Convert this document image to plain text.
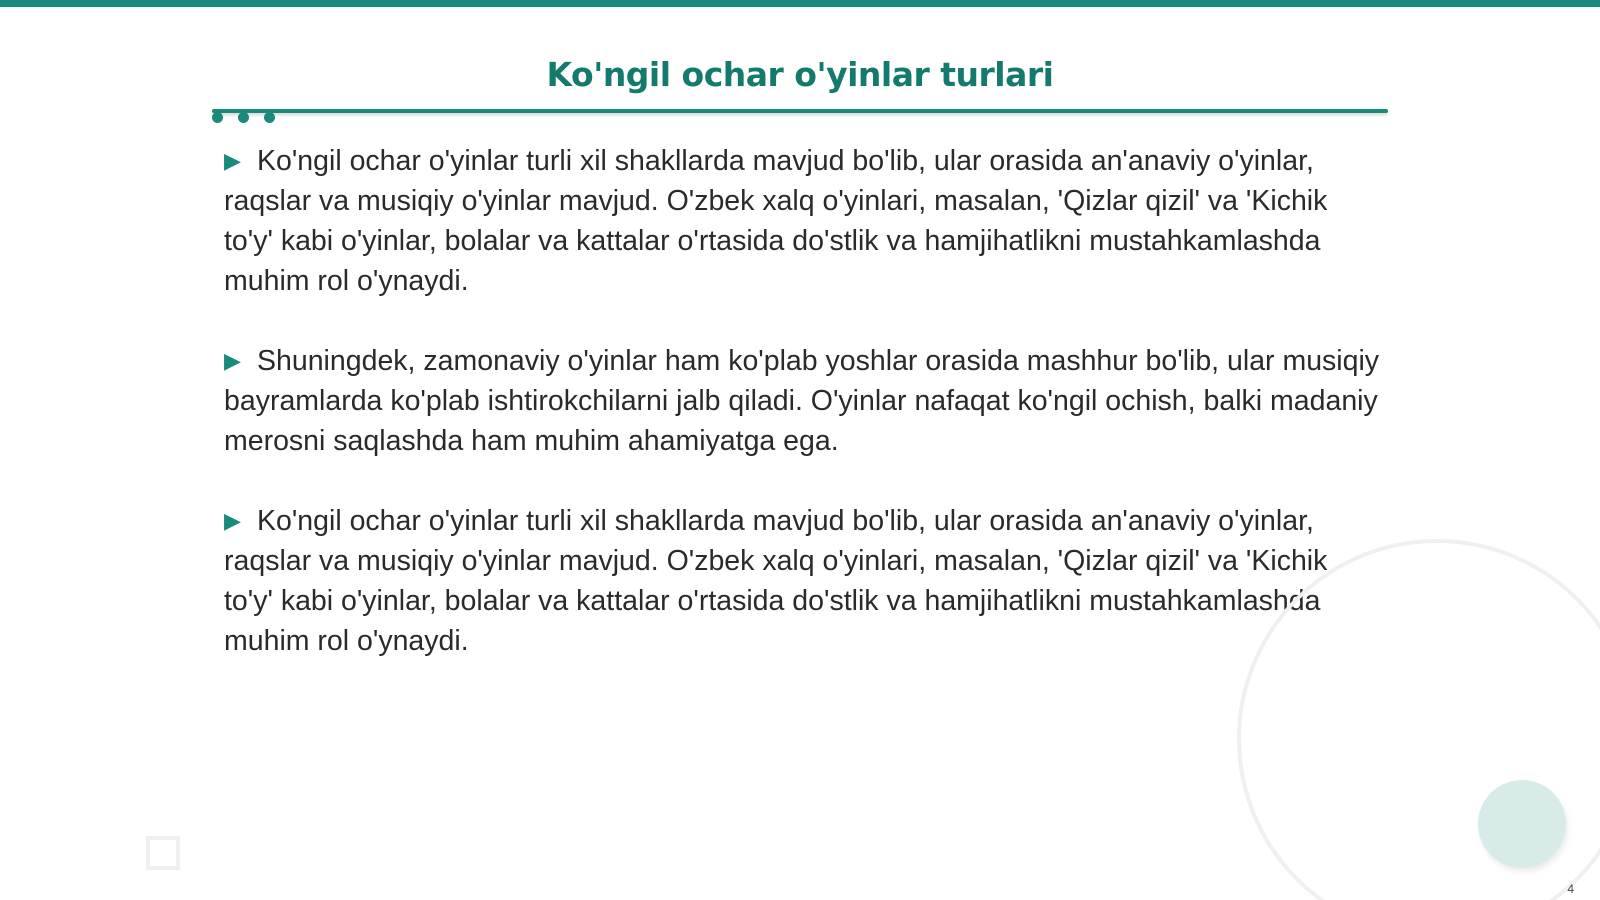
Ko'ngil ochar o'yinlar turlari

▶ Ko'ngil ochar o'yinlar turli xil shakllarda mavjud bo'lib, ular orasida an'anaviy o'yinlar, raqslar va musiqiy o'yinlar mavjud. O'zbek xalq o'yinlari, masalan, 'Qizlar qizil' va 'Kichik to'y' kabi o'yinlar, bolalar va kattalar o'rtasida do'stlik va hamjihatlikni mustahkamlashda muhim rol o'ynaydi.

▶ Shuningdek, zamonaviy o'yinlar ham ko'plab yoshlar orasida mashhur bo'lib, ular musiqiy bayramlarda ko'plab ishtirokchilarni jalb qiladi. O'yinlar nafaqat ko'ngil ochish, balki madaniy merosni saqlashda ham muhim ahamiyatga ega.

▶ Ko'ngil ochar o'yinlar turli xil shakllarda mavjud bo'lib, ular orasida an'anaviy o'yinlar, raqslar va musiqiy o'yinlar mavjud. O'zbek xalq o'yinlari, masalan, 'Qizlar qizil' va 'Kichik to'y' kabi o'yinlar, bolalar va kattalar o'rtasida do'stlik va hamjihatlikni mustahkamlashda muhim rol o'ynaydi.

4
